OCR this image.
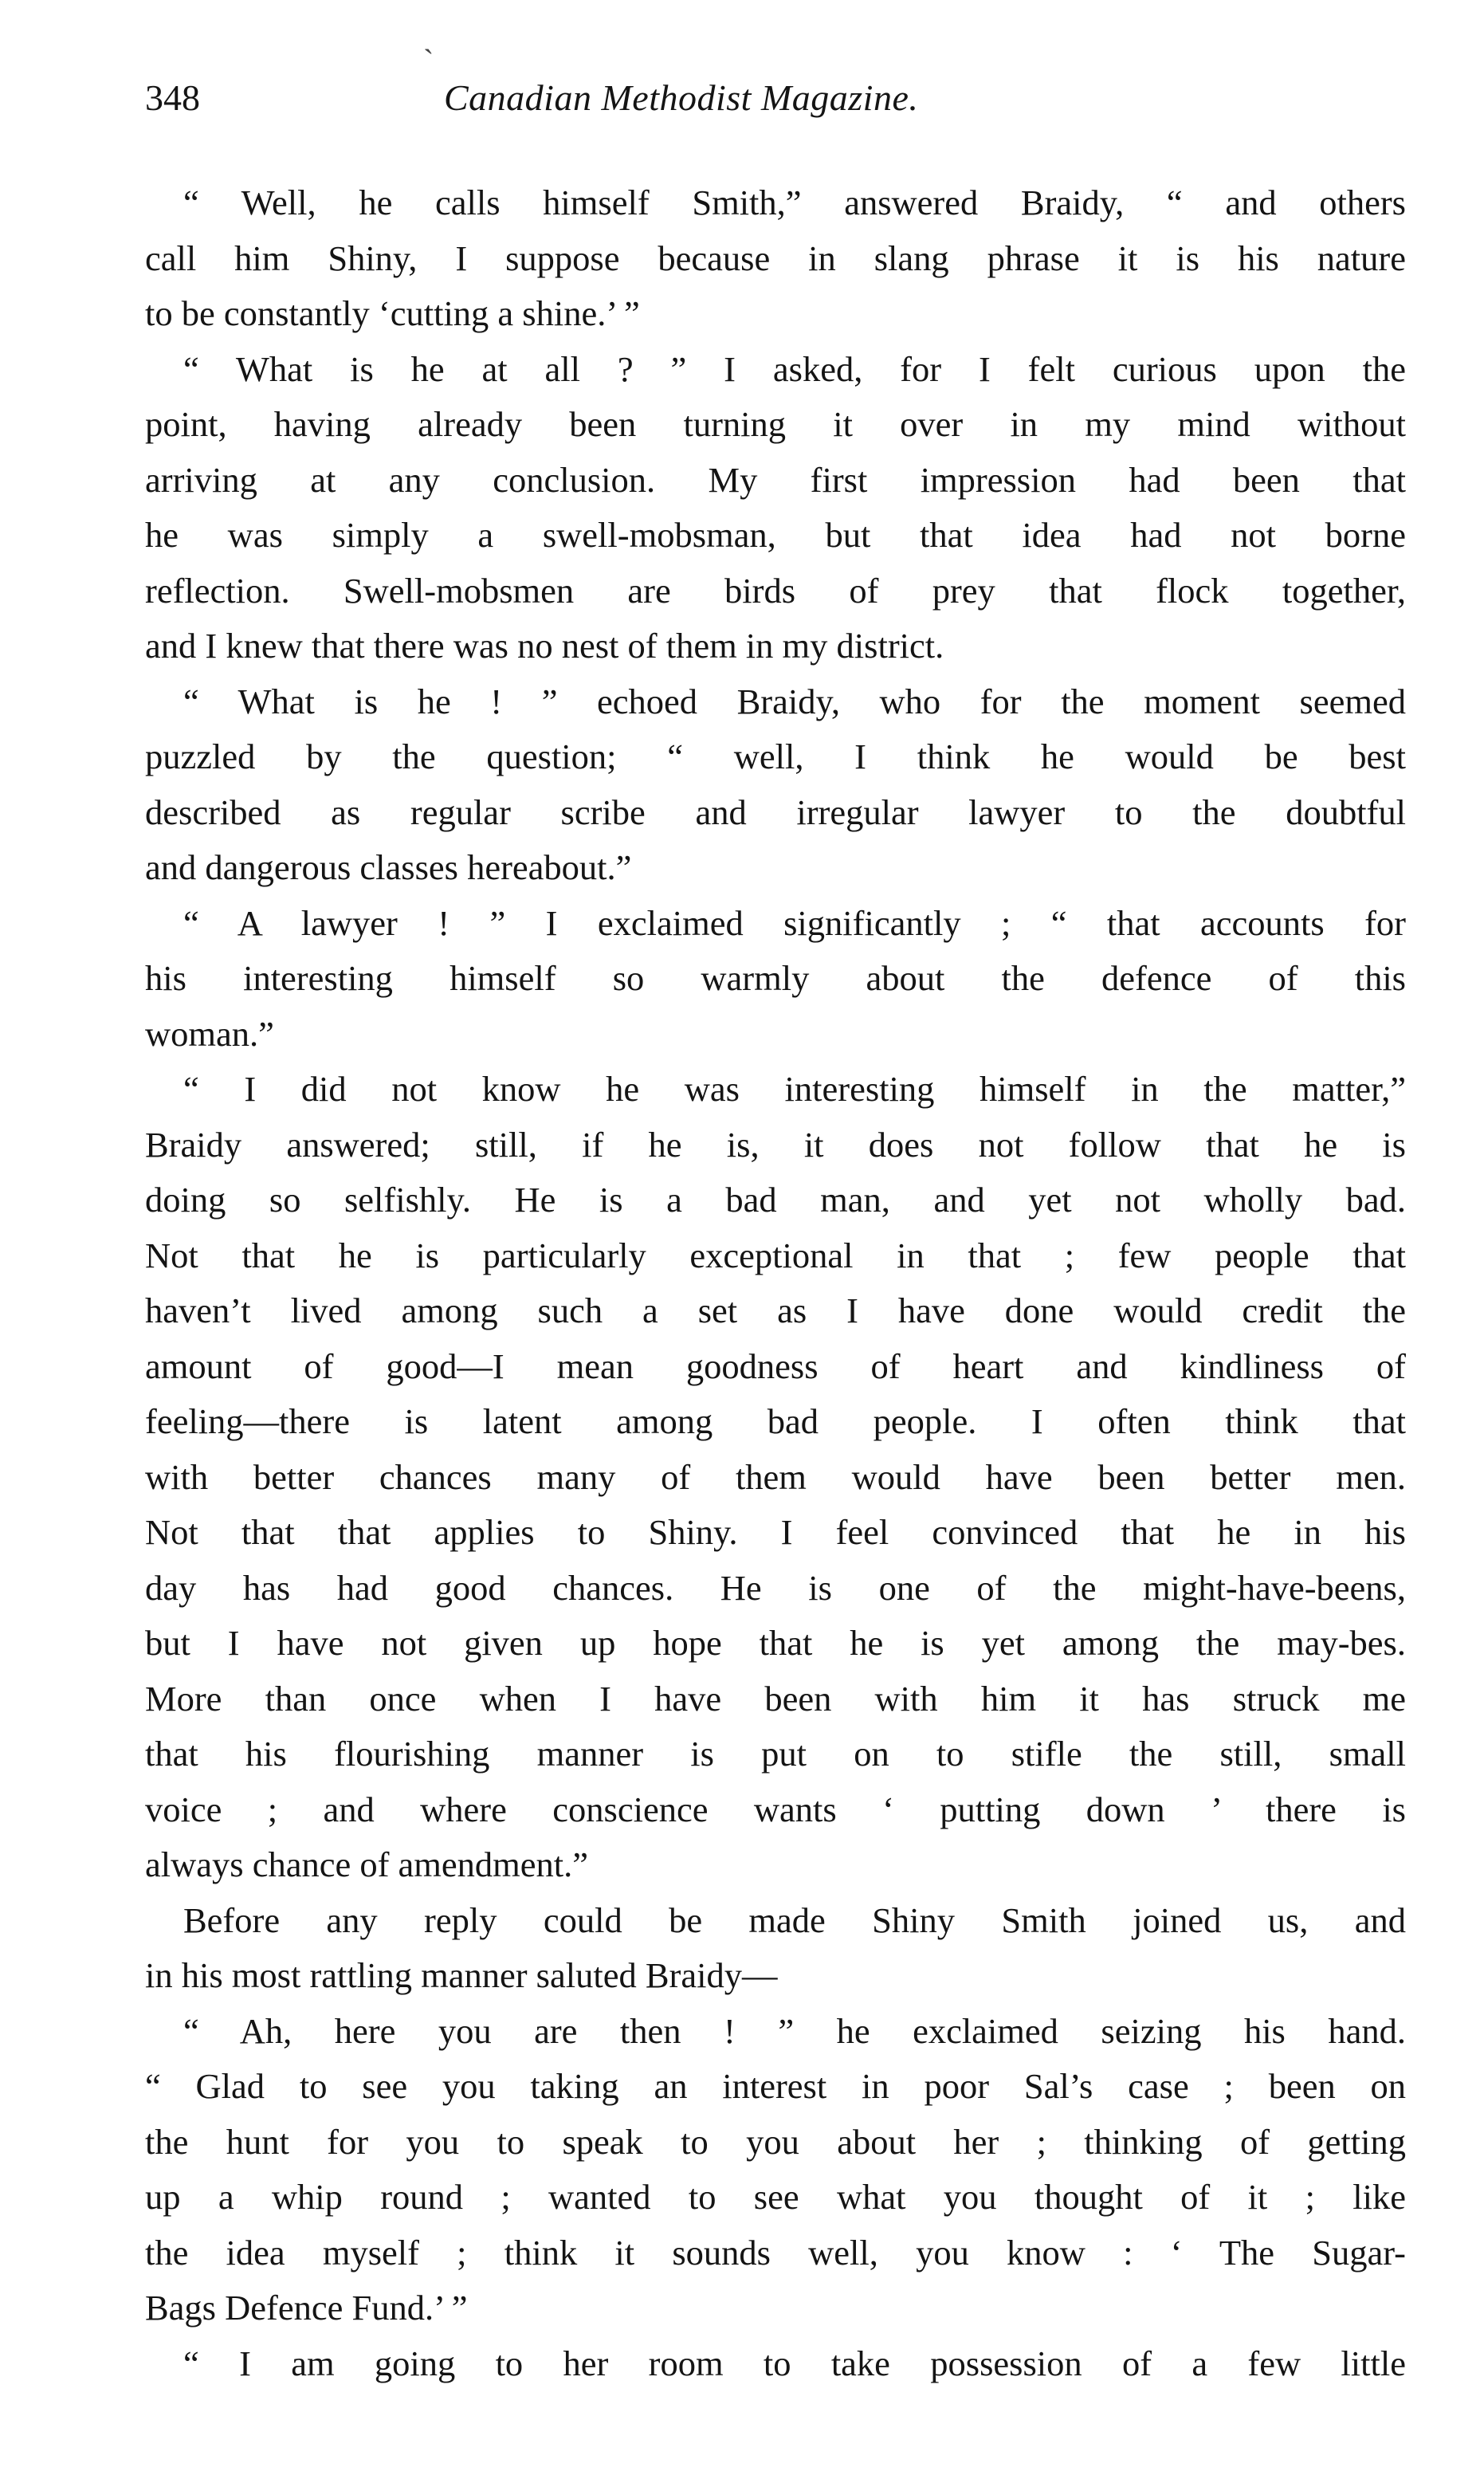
ˎ
348	Canadian Methodist Magazine.

“ Well, he calls himself Smith,” answered Braidy, “ and others
call him Shiny, I suppose because in slang phrase it is his nature
to be constantly ‘cutting a shine.’ ”

“ What is he at all ? ” I asked, for I felt curious upon the
point, having already been turning it over in my mind without
arriving at any conclusion. My first impression had been that
he was simply a swell-mobsman, but that idea had not borne
reflection. Swell-mobsmen are birds of prey that flock together,
and I knew that there was no nest of them in my district.

“ What is he ! ” echoed Braidy, who for the moment seemed
puzzled by the question; “ well, I think he would be best
described as regular scribe and irregular lawyer to the doubtful
and dangerous classes hereabout.”

“ A lawyer ! ” I exclaimed significantly ; “ that accounts for
his interesting himself so warmly about the defence of this
woman.”

“ I did not know he was interesting himself in the matter,”
Braidy answered; still, if he is, it does not follow that he is
doing so selfishly. He is a bad man, and yet not wholly bad.
Not that he is particularly exceptional in that ; few people that
haven’t lived among such a set as I have done would credit the
amount of good—I mean goodness of heart and kindliness of
feeling—there is latent among bad people. I often think that
with better chances many of them would have been better men.
Not that that applies to Shiny. I feel convinced that he in his
day has had good chances. He is one of the might-have-beens,
but I have not given up hope that he is yet among the may-bes.
More than once when I have been with him it has struck me
that his flourishing manner is put on to stifle the still, small
voice ; and where conscience wants ‘ putting down ’ there is
always chance of amendment.”

Before any reply could be made Shiny Smith joined us, and
in his most rattling manner saluted Braidy—

“ Ah, here you are then ! ” he exclaimed seizing his hand.
“ Glad to see you taking an interest in poor Sal’s case ; been on
the hunt for you to speak to you about her ; thinking of getting
up a whip round ; wanted to see what you thought of it ; like
the idea myself ; think it sounds well, you know : ‘ The Sugar-
Bags Defence Fund.’ ”

“ I am going to her room to take possession of a few little
